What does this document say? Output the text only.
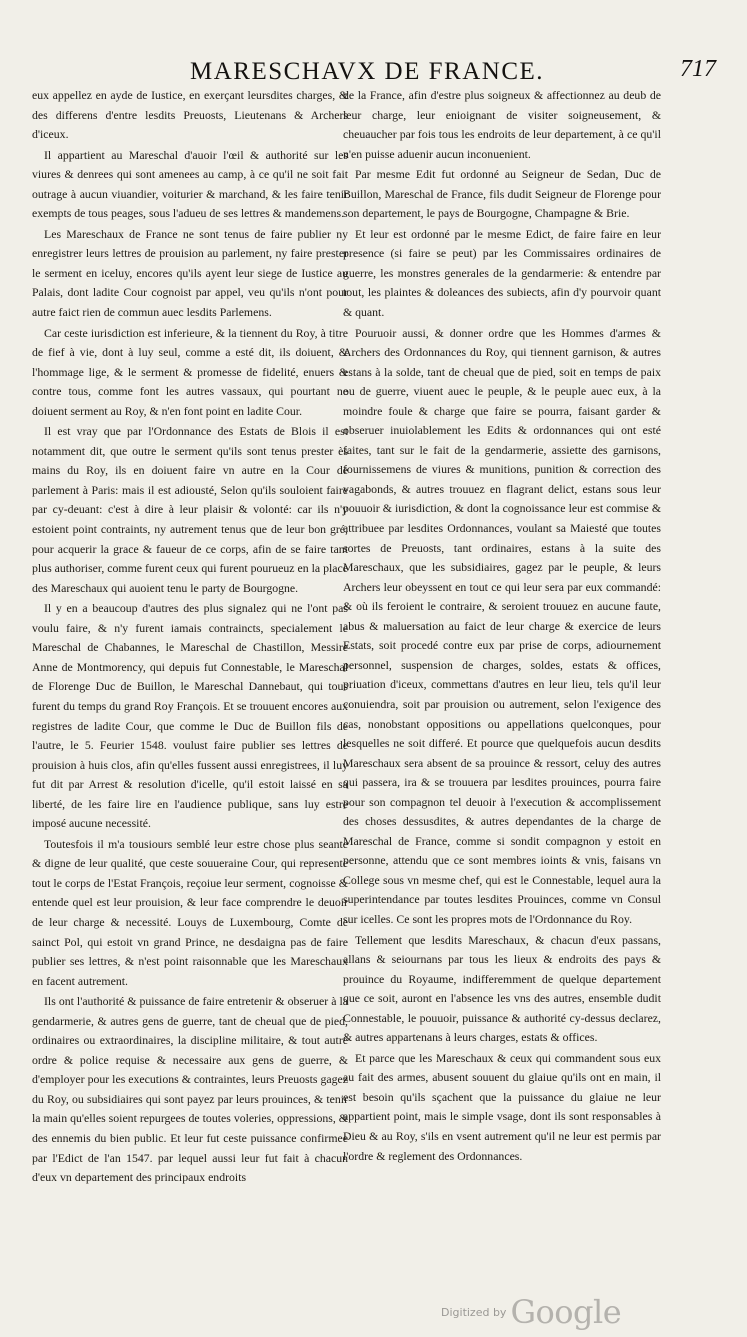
MARESCHAVX DE FRANCE.	717

eux appellez en ayde de Iustice, en exerçant leursdites charges, & des differens d'entre lesdits Preuosts, Lieutenans & Archers d'iceux.

Il appartient au Mareschal d'auoir l'œil & authorité sur les viures & denrees qui sont amenees au camp, à ce qu'il ne soit fait outrage à aucun viuandier, voiturier & marchand, & les faire tenir exempts de tous peages, sous l'adueu de ses lettres & mandemens.

Les Mareschaux de France ne sont tenus de faire publier ny enregistrer leurs lettres de prouision au parlement, ny faire prester le serment en iceluy, encores qu'ils ayent leur siege de Iustice au Palais, dont ladite Cour cognoist par appel, veu qu'ils n'ont pour autre faict rien de commun auec lesdits Parlemens.

Car ceste iurisdiction est inferieure, & la tiennent du Roy, à titre de fief à vie, dont à luy seul, comme a esté dit, ils doiuent, & l'hommage lige, & le serment & promesse de fidelité, enuers & contre tous, comme font les autres vassaux, qui pourtant ne doiuent serment au Roy, & n'en font point en ladite Cour.

Il est vray que par l'Ordonnance des Estats de Blois il est notamment dit, que outre le serment qu'ils sont tenus prester ès mains du Roy, ils en doiuent faire vn autre en la Cour de parlement à Paris: mais il est adiousté, Selon qu'ils souloient faire par cy-deuant: c'est à dire à leur plaisir & volonté: car ils n'y estoient point contraints, ny autrement tenus que de leur bon gré, pour acquerir la grace & faueur de ce corps, afin de se faire tant plus authoriser, comme furent ceux qui furent pourueuz en la place des Mareschaux qui auoient tenu le party de Bourgogne.

Il y en a beaucoup d'autres des plus signalez qui ne l'ont pas voulu faire, & n'y furent iamais contraincts, specialement le Mareschal de Chabannes, le Mareschal de Chastillon, Messire Anne de Montmorency, qui depuis fut Connestable, le Mareschal de Florenge Duc de Buillon, le Mareschal Dannebaut, qui tous furent du temps du grand Roy François. Et se trouuent encores aux registres de ladite Cour, que comme le Duc de Buillon fils de l'autre, le 5. Feurier 1548. voulust faire publier ses lettres de prouision à huis clos, afin qu'elles fussent aussi enregistrees, il luy fut dit par Arrest & resolution d'icelle, qu'il estoit laissé en sa liberté, de les faire lire en l'audience publique, sans luy estre imposé aucune necessité.

Toutesfois il m'a tousiours semblé leur estre chose plus seante & digne de leur qualité, que ceste souueraine Cour, qui represente tout le corps de l'Estat François, reçoiue leur serment, cognoisse & entende quel est leur prouision, & leur face comprendre le deuoir de leur charge & necessité. Louys de Luxembourg, Comte de sainct Pol, qui estoit vn grand Prince, ne desdaigna pas de faire publier ses lettres, & n'est point raisonnable que les Mareschaux en facent autrement.

Ils ont l'authorité & puissance de faire entretenir & obseruer à la gendarmerie, & autres gens de guerre, tant de cheual que de pied, ordinaires ou extraordinaires, la discipline militaire, & tout autre ordre & police requise & necessaire aux gens de guerre, & d'employer pour les executions & contraintes, leurs Preuosts gagez du Roy, ou subsidiaires qui sont payez par leurs prouinces, & tenir la main qu'elles soient repurgees de toutes voleries, oppressions, & des ennemis du bien public. Et leur fut ceste puissance confirmee par l'Edict de l'an 1547. par lequel aussi leur fut fait à chacun d'eux vn departement des principaux endroits

de la France, afin d'estre plus soigneux & affectionnez au deub de leur charge, leur enioignant de visiter soigneusement, & cheuaucher par fois tous les endroits de leur departement, à ce qu'il n'en puisse aduenir aucun inconuenient.

Par mesme Edit fut ordonné au Seigneur de Sedan, Duc de Buillon, Mareschal de France, fils dudit Seigneur de Florenge pour son departement, le pays de Bourgogne, Champagne & Brie.

Et leur est ordonné par le mesme Edict, de faire faire en leur presence (si faire se peut) par les Commissaires ordinaires de guerre, les monstres generales de la gendarmerie: & entendre par tout, les plaintes & doleances des subiects, afin d'y pourvoir quant & quant.

Pouruoir aussi, & donner ordre que les Hommes d'armes & Archers des Ordonnances du Roy, qui tiennent garnison, & autres estans à la solde, tant de cheual que de pied, soit en temps de paix ou de guerre, viuent auec le peuple, & le peuple auec eux, à la moindre foule & charge que faire se pourra, faisant garder & obseruer inuiolablement les Edits & ordonnances qui ont esté faites, tant sur le fait de la gendarmerie, assiette des garnisons, fournissemens de viures & munitions, punition & correction des vagabonds, & autres trouuez en flagrant delict, estans sous leur pouuoir & iurisdiction, & dont la cognoissance leur est commise & attribuee par lesdites Ordonnances, voulant sa Maiesté que toutes sortes de Preuosts, tant ordinaires, estans à la suite des Mareschaux, que les subsidiaires, gagez par le peuple, & leurs Archers leur obeyssent en tout ce qui leur sera par eux commandé: & où ils feroient le contraire, & seroient trouuez en aucune faute, abus & maluersation au faict de leur charge & exercice de leurs Estats, soit procedé contre eux par prise de corps, adiournement personnel, suspension de charges, soldes, estats & offices, priuation d'iceux, commettans d'autres en leur lieu, tels qu'il leur conuiendra, soit par prouision ou autrement, selon l'exigence des cas, nonobstant oppositions ou appellations quelconques, pour lesquelles ne soit differé. Et pource que quelquefois aucun desdits Mareschaux sera absent de sa prouince & ressort, celuy des autres qui passera, ira & se trouuera par lesdites prouinces, pourra faire pour son compagnon tel deuoir à l'execution & accomplissement des choses dessusdites, & autres dependantes de la charge de Mareschal de France, comme si sondit compagnon y estoit en personne, attendu que ce sont membres ioints & vnis, faisans vn College sous vn mesme chef, qui est le Connestable, lequel aura la superintendance par toutes lesdites Prouinces, comme vn Consul sur icelles. Ce sont les propres mots de l'Ordonnance du Roy.

Tellement que lesdits Mareschaux, & chacun d'eux passans, allans & seiournans par tous les lieux & endroits des pays & prouince du Royaume, indifferemment de quelque departement que ce soit, auront en l'absence les vns des autres, ensemble dudit Connestable, le pouuoir, puissance & authorité cy-dessus declarez, & autres appartenans à leurs charges, estats & offices.

Et parce que les Mareschaux & ceux qui commandent sous eux au fait des armes, abusent souuent du glaiue qu'ils ont en main, il est besoin qu'ils sçachent que la puissance du glaiue ne leur appartient point, mais le simple vsage, dont ils sont responsables à Dieu & au Roy, s'ils en vsent autrement qu'il ne leur est permis par l'ordre & reglement des Ordonnances.

Digitized by Google
